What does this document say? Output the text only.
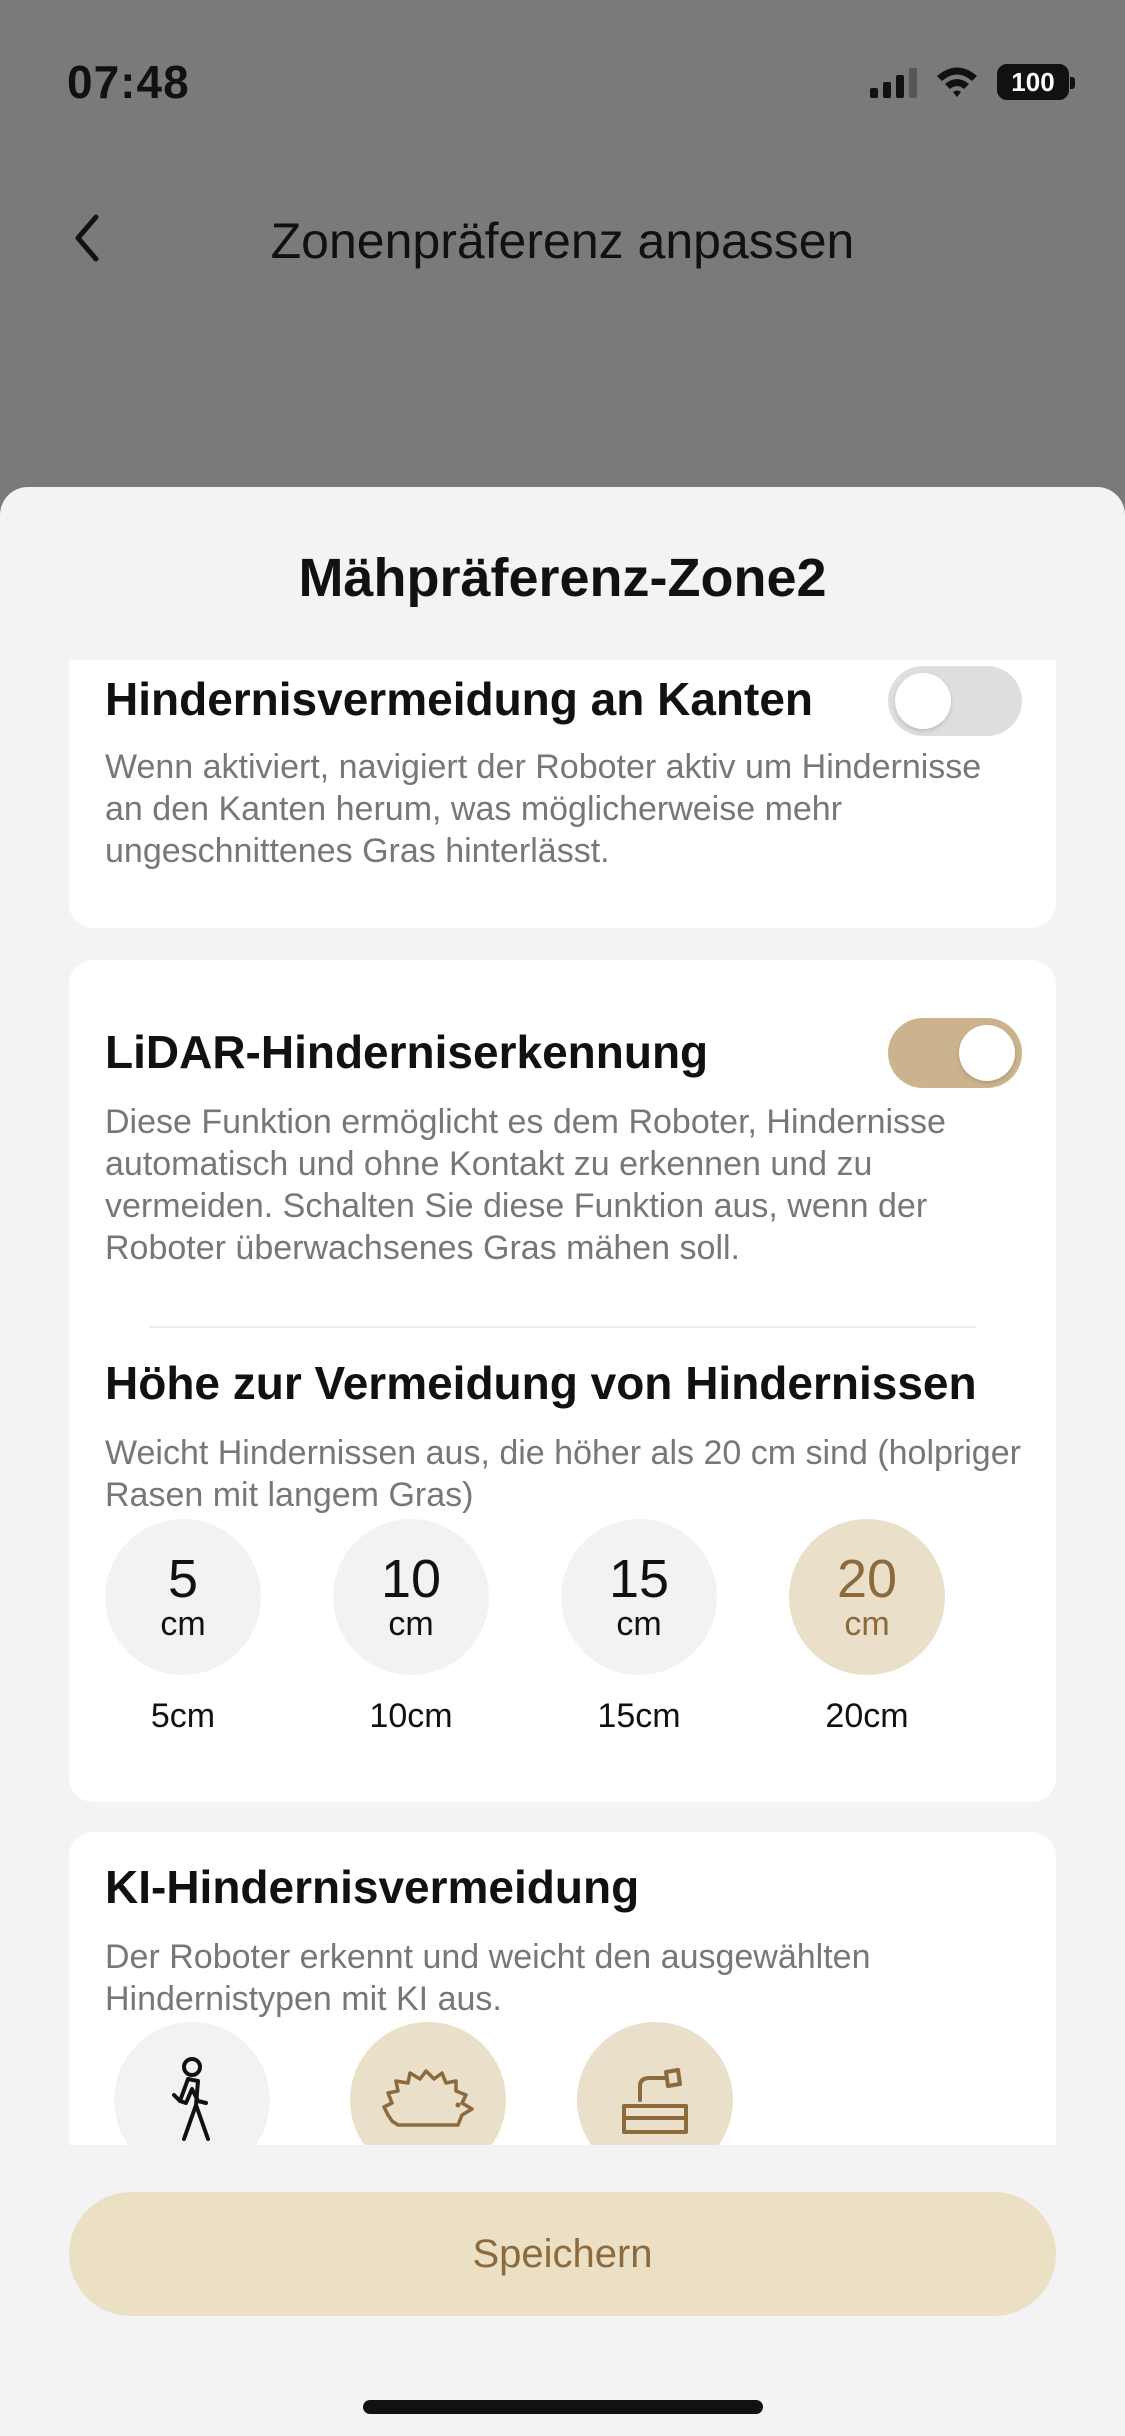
07:48	100
Zonenpräferenz anpassen
Mähpräferenz-Zone2
Hindernisvermeidung an Kanten
Wenn aktiviert, navigiert der Roboter aktiv um Hindernisse an den Kanten herum, was möglicherweise mehr ungeschnittenes Gras hinterlässt.
LiDAR-Hinderniserkennung
Diese Funktion ermöglicht es dem Roboter, Hindernisse automatisch und ohne Kontakt zu erkennen und zu vermeiden. Schalten Sie diese Funktion aus, wenn der Roboter überwachsenes Gras mähen soll.
Höhe zur Vermeidung von Hindernissen
Weicht Hindernissen aus, die höher als 20 cm sind (holpriger Rasen mit langem Gras)
5
cm
5cm
10
cm
10cm
15
cm
15cm
20
cm
20cm
KI-Hindernisvermeidung
Der Roboter erkennt und weicht den ausgewählten Hindernistypen mit KI aus.
Speichern
